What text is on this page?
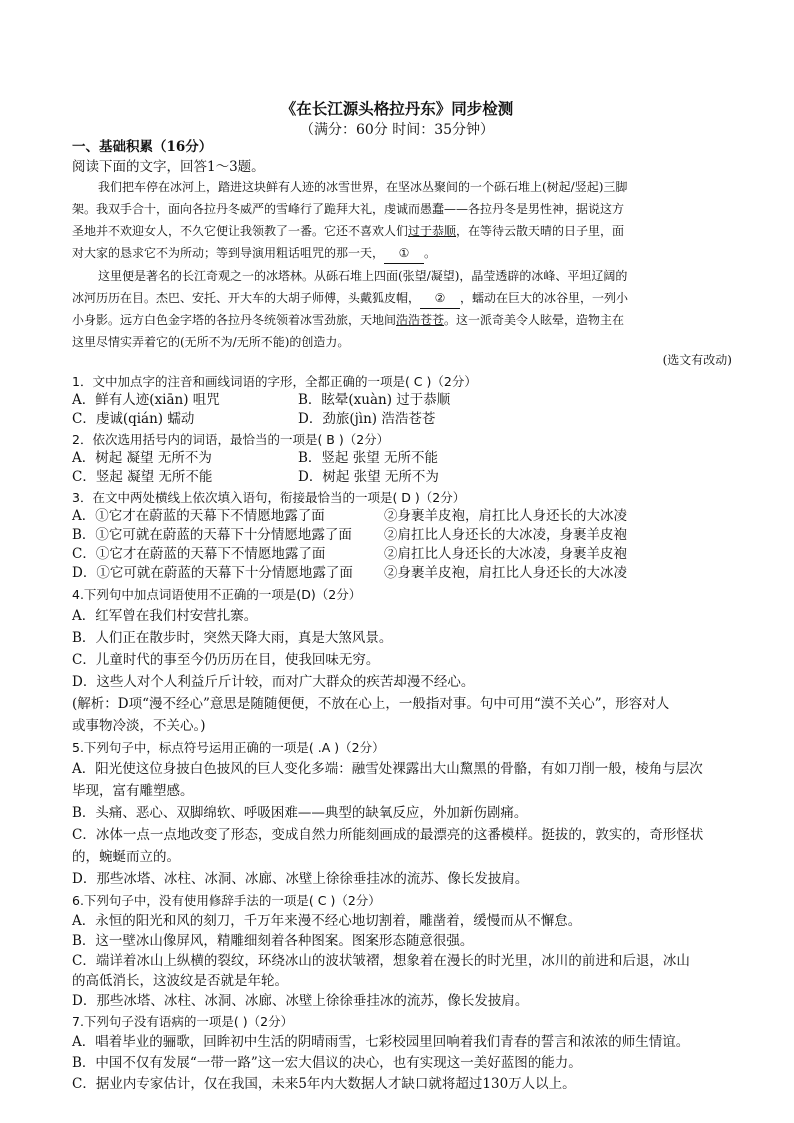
《在长江源头格拉丹东》同步检测
（满分：60分 时间：35分钟）
一、基础积累（16分）
阅读下面的文字，回答1～3题。
我们把车停在冰河上，踏进这块鲜有人迹的冰雪世界，在坚冰丛聚间的一个砾石堆上(树起/竖起)三脚
架。我双手合十，面向各拉丹冬威严的雪峰行了跪拜大礼，虔诚而愚蠢——各拉丹冬是男性神，据说这方
圣地并不欢迎女人，不久它便让我领教了一番。它还不喜欢人们过于恭顺，在等待云散天晴的日子里，面
对大家的恳求它不为所动；等到导演用粗话咀咒的那一天， ① 。
这里便是著名的长江奇观之一的冰塔林。从砾石堆上四面(张望/凝望)，晶莹透辟的冰峰、平坦辽阔的
冰河历历在目。杰巴、安托、开大车的大胡子师傅，头戴狐皮帽， ② ，蠕动在巨大的冰谷里，一列小
小身影。远方白色金字塔的各拉丹冬统领着冰雪劲旅，天地间浩浩苍苍。这一派奇美令人眩晕，造物主在
这里尽情实弄着它的(无所不为/无所不能)的创造力。
(选文有改动)
1．文中加点字的注音和画线词语的字形，全都正确的一项是( C )（2分）
A．鲜有人迹(xiān) 咀咒	B．眩晕(xuàn) 过于恭顺
C．虔诚(qián) 蠕动	D．劲旅(jìn) 浩浩苍苍
2．依次选用括号内的词语，最恰当的一项是( B )（2分）
A．树起 凝望 无所不为	B．竖起 张望 无所不能
C．竖起 凝望 无所不能	D．树起 张望 无所不为
3．在文中两处横线上依次填入语句，衔接最恰当的一项是( D )（2分）
A．①它才在蔚蓝的天幕下不情愿地露了面	②身裹羊皮袍，肩扛比人身还长的大冰凌
B．①它可就在蔚蓝的天幕下十分情愿地露了面 ②肩扛比人身还长的大冰凌，身裹羊皮袍
C．①它才在蔚蓝的天幕下不情愿地露了面	②肩扛比人身还长的大冰凌，身裹羊皮袍
D．①它可就在蔚蓝的天幕下十分情愿地露了面 ②身裹羊皮袍，肩扛比人身还长的大冰凌
4.下列句中加点词语使用不正确的一项是(D)（2分）
A．红军曾在我们村安营扎寨。
B．人们正在散步时，突然天降大雨，真是大煞风景。
C．儿童时代的事至今仍历历在目，使我回味无穷。
D．这些人对个人利益斤斤计较，而对广大群众的疾苦却漫不经心。
(解析：D项“漫不经心”意思是随随便便，不放在心上，一般指对事。句中可用“漠不关心”，形容对人
或事物冷淡，不关心。)
5.下列句子中，标点符号运用正确的一项是( .A )（2分）
A．阳光使这位身披白色披风的巨人变化多端：融雪处裸露出大山黧黑的骨骼，有如刀削一般，棱角与层次
毕现，富有雕塑感。
B．头痛、恶心、双脚绵软、呼吸困难——典型的缺氧反应，外加新伤剧痛。
C．冰体一点一点地改变了形态，变成自然力所能刻画成的最漂亮的这番模样。挺拔的，敦实的，奇形怪状
的，蜿蜒而立的。
D．那些冰塔、冰柱、冰洞、冰廊、冰壁上徐徐垂挂冰的流苏、像长发披肩。
6.下列句子中，没有使用修辞手法的一项是( C )（2分）
A．永恒的阳光和风的刻刀，千万年来漫不经心地切割着，雕凿着，缓慢而从不懈怠。
B．这一壁冰山像屏风，精雕细刻着各种图案。图案形态随意很强。
C．端详着冰山上纵横的裂纹，环绕冰山的波状皱褶，想象着在漫长的时光里，冰川的前进和后退，冰山
的高低消长，这波纹是否就是年轮。
D．那些冰塔、冰柱、冰洞、冰廊、冰壁上徐徐垂挂冰的流苏，像长发披肩。
7.下列句子没有语病的一项是( )（2分）
A．唱着毕业的骊歌，回眸初中生活的阴晴雨雪，七彩校园里回响着我们青春的誓言和浓浓的师生情谊。
B．中国不仅有发展“一带一路”这一宏大倡议的决心，也有实现这一美好蓝图的能力。
C．据业内专家估计，仅在我国，未来5年内大数据人才缺口就将超过130万人以上。
